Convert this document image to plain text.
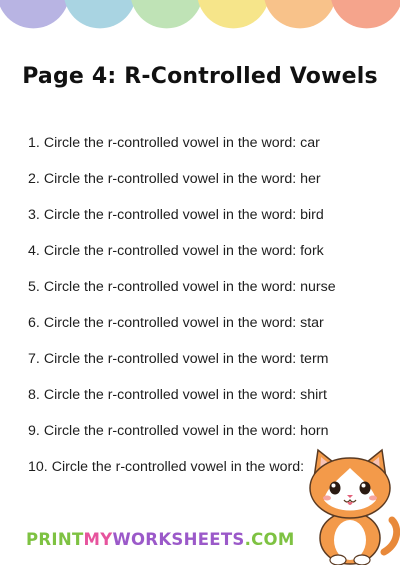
Page 4: R-Controlled Vowels
1. Circle the r-controlled vowel in the word: car
2. Circle the r-controlled vowel in the word: her
3. Circle the r-controlled vowel in the word: bird
4. Circle the r-controlled vowel in the word: fork
5. Circle the r-controlled vowel in the word: nurse
6. Circle the r-controlled vowel in the word: star
7. Circle the r-controlled vowel in the word: term
8. Circle the r-controlled vowel in the word: shirt
9. Circle the r-controlled vowel in the word: horn
10. Circle the r-controlled vowel in the word:
PRINTMYWORKSHEETS.COM
